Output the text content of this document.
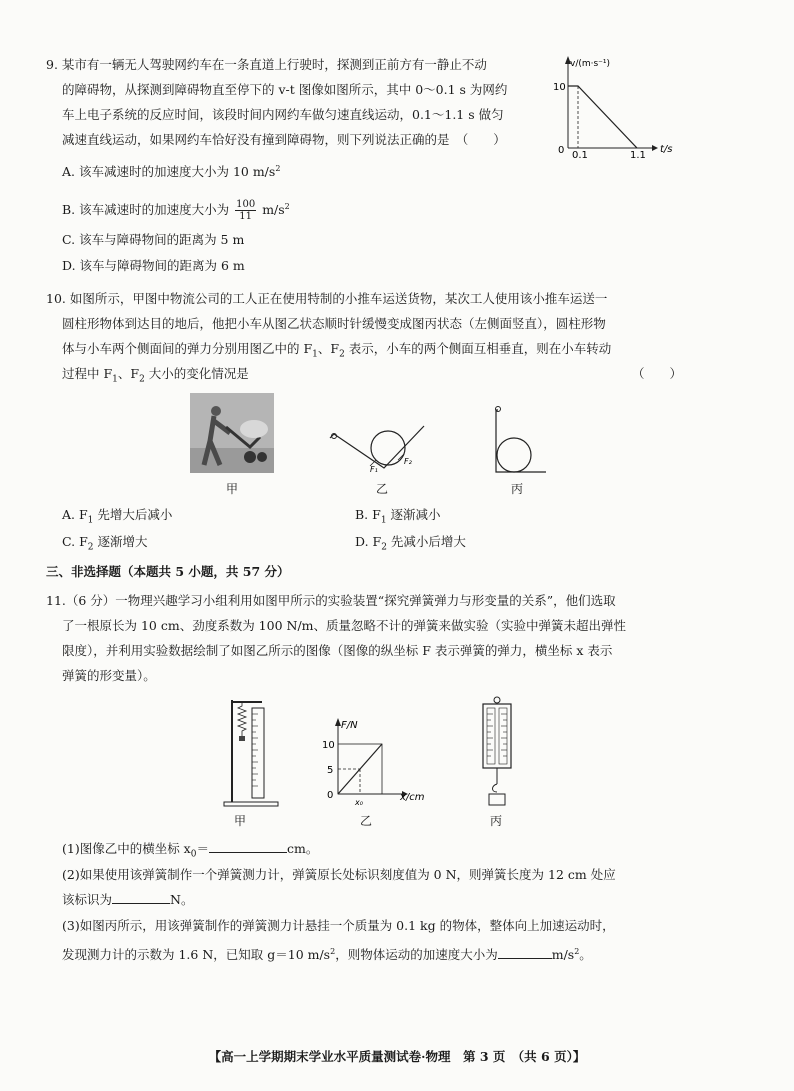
9. 某市有一辆无人驾驶网约车在一条直道上行驶时，探测到正前方有一静止不动
的障碍物，从探测到障碍物直至停下的 v-t 图像如图所示，其中 0～0.1 s 为网约
车上电子系统的反应时间，该段时间内网约车做匀速直线运动，0.1～1.1 s 做匀
减速直线运动，如果网约车恰好没有撞到障碍物，则下列说法正确的是　（　　）
A. 该车减速时的加速度大小为 10 $m/s^2$
B. 该车减速时的加速度大小为 $\frac{100}{11} m/s^2$
C. 该车与障碍物间的距离为 5 m
D. 该车与障碍物间的距离为 6 m
v/(m·s⁻¹)
10
0 0.1	1.1
t/s
10. 如图所示，甲图中物流公司的工人正在使用特制的小推车运送货物，某次工人使用该小推车运送一
圆柱形物体到达目的地后，他把小车从图乙状态顺时针缓慢变成图丙状态（左侧面竖直），圆柱形物
体与小车两个侧面间的弹力分别用图乙中的 $F_1$、$F_2$ 表示，小车的两个侧面互相垂直，则在小车转动
过程中 $F_1$、$F_2$ 大小的变化情况是	（　　）
甲
F₁
F₂
乙	丙
A. $F_1$ 先增大后减小	B. $F_1$ 逐渐减小
C. $F_2$ 逐渐增大	D. $F_2$ 先减小后增大
三、非选择题（本题共 5 小题，共 57 分）
11.（6 分）一物理兴趣学习小组利用如图甲所示的实验装置“探究弹簧弹力与形变量的关系”，他们选取
了一根原长为 10 cm、劲度系数为 100 N/m、质量忽略不计的弹簧来做实验（实验中弹簧未超出弹性
限度），并利用实验数据绘制了如图乙所示的图像（图像的纵坐标 F 表示弹簧的弹力，横坐标 x 表示
弹簧的形变量）。
甲
F/N
10
5
0
x₀	x/cm
乙	丙
(1)图像乙中的横坐标 $x_0=$	cm。
(2)如果使用该弹簧制作一个弹簧测力计，弹簧原长处标识刻度值为 0 N，则弹簧长度为 12 cm 处应
该标识为	N。
(3)如图丙所示，用该弹簧制作的弹簧测力计悬挂一个质量为 0.1 kg 的物体，整体向上加速运动时，
发现测力计的示数为 1.6 N，已知取 g＝10 $m/s^2$，则物体运动的加速度大小为	$m/s^2$。
【高一上学期期末学业水平质量测试卷·物理　第 3 页　（共 6 页）】
